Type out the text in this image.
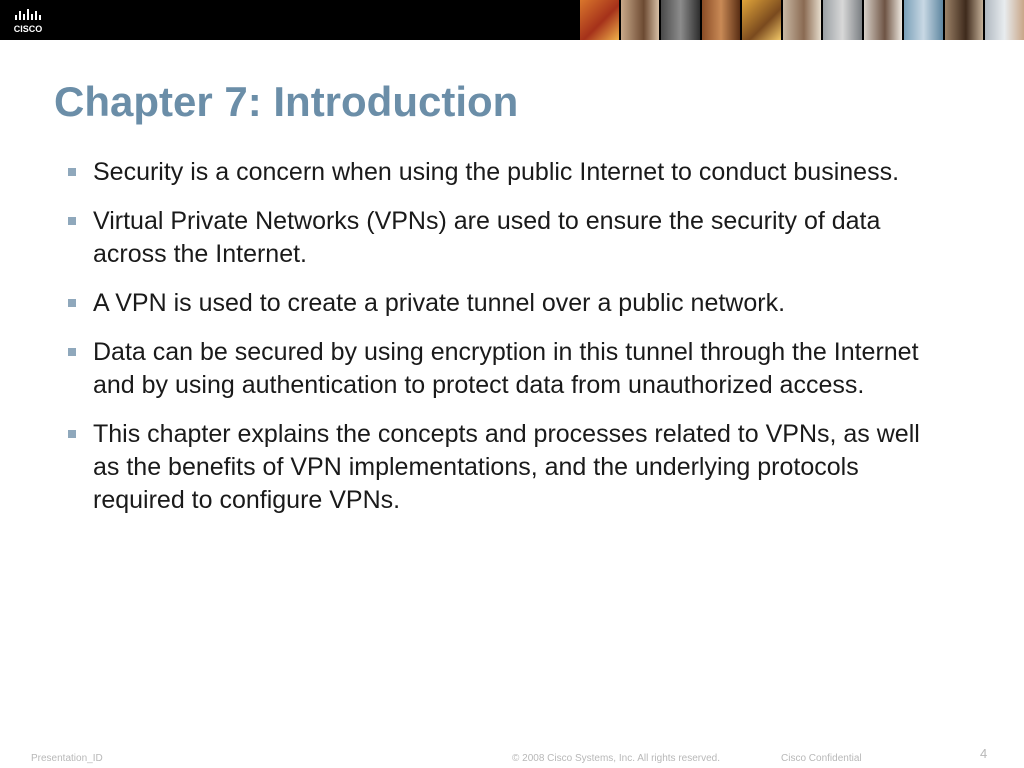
CISCO
Chapter 7: Introduction
Security is a concern when using the public Internet to conduct business.
Virtual Private Networks (VPNs) are used to ensure the security of data across the Internet.
A VPN is used to create a private tunnel over a public network.
Data can be secured by using encryption in this tunnel through the Internet and by using authentication to protect data from unauthorized access.
This chapter explains the concepts and processes related to VPNs, as well as the benefits of VPN implementations, and the underlying protocols required to configure VPNs.
Presentation_ID	© 2008 Cisco Systems, Inc. All rights reserved.	Cisco Confidential	4
